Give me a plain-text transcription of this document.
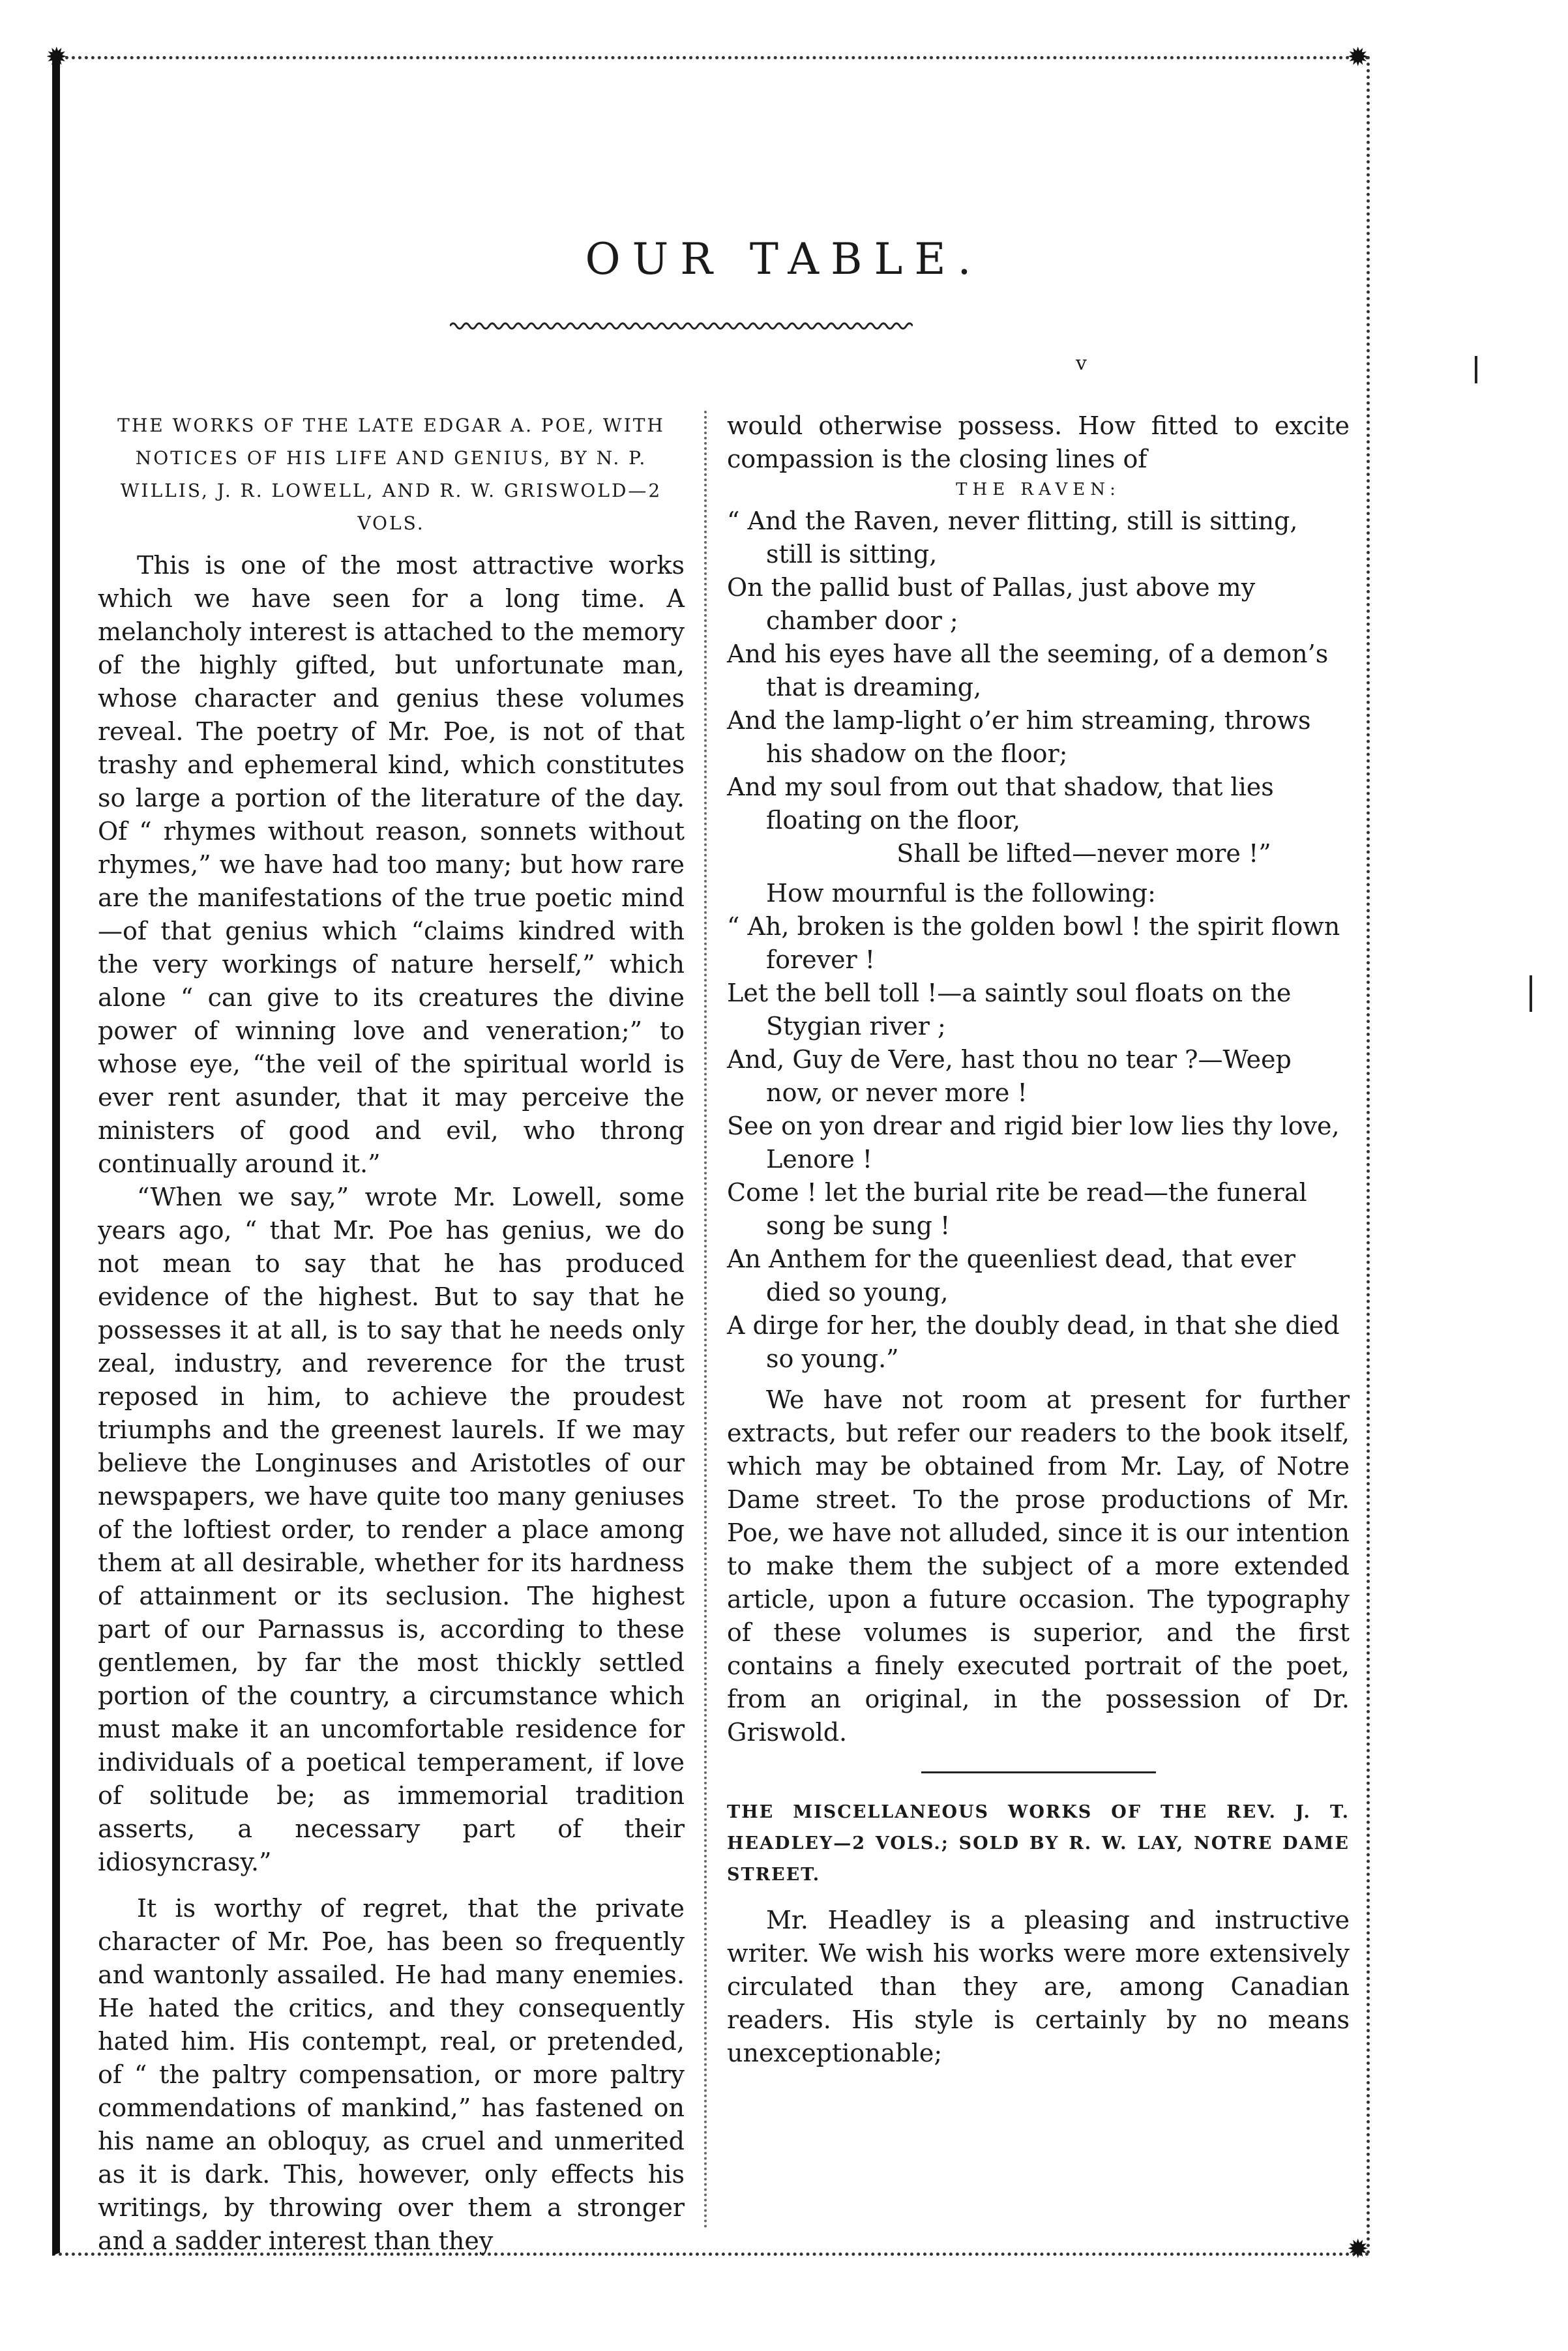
✹	✹
✹
OUR TABLE.
v

THE WORKS OF THE LATE EDGAR A. POE, WITH NOTICES OF HIS LIFE AND GENIUS, BY N. P. WILLIS, J. R. LOWELL, AND R. W. GRISWOLD—2 VOLS.

This is one of the most attractive works which we have seen for a long time. A melancholy interest is attached to the memory of the highly gifted, but unfortunate man, whose character and genius these volumes reveal. The poetry of Mr. Poe, is not of that trashy and ephemeral kind, which constitutes so large a portion of the literature of the day. Of “ rhymes without reason, sonnets without rhymes,” we have had too many; but how rare are the manifestations of the true poetic mind—of that genius which “claims kindred with the very workings of nature herself,” which alone “ can give to its creatures the divine power of winning love and veneration;” to whose eye, “the veil of the spiritual world is ever rent asunder, that it may perceive the ministers of good and evil, who throng continually around it.”

“When we say,” wrote Mr. Lowell, some years ago, “ that Mr. Poe has genius, we do not mean to say that he has produced evidence of the highest. But to say that he possesses it at all, is to say that he needs only zeal, industry, and reverence for the trust reposed in him, to achieve the proudest triumphs and the greenest laurels. If we may believe the Longinuses and Aristotles of our newspapers, we have quite too many geniuses of the loftiest order, to render a place among them at all desirable, whether for its hardness of attainment or its seclusion. The highest part of our Parnassus is, according to these gentlemen, by far the most thickly settled portion of the country, a circumstance which must make it an uncomfortable residence for individuals of a poetical temperament, if love of solitude be; as immemorial tradition asserts, a necessary part of their idiosyncrasy.”

It is worthy of regret, that the private character of Mr. Poe, has been so frequently and wantonly assailed. He had many enemies. He hated the critics, and they consequently hated him. His contempt, real, or pretended, of “ the paltry compensation, or more paltry commendations of mankind,” has fastened on his name an obloquy, as cruel and unmerited as it is dark. This, however, only effects his writings, by throwing over them a stronger and a sadder interest than they

would otherwise possess. How fitted to excite compassion is the closing lines of

THE RAVEN:

“ And the Raven, never flitting, still is sitting, still is sitting,

On the pallid bust of Pallas, just above my chamber door ;

And his eyes have all the seeming, of a demon’s that is dreaming,

And the lamp-light o’er him streaming, throws his shadow on the floor;

And my soul from out that shadow, that lies floating on the floor,

Shall be lifted—never more !”

How mournful is the following:

“ Ah, broken is the golden bowl ! the spirit flown forever !

Let the bell toll !—a saintly soul floats on the Stygian river ;

And, Guy de Vere, hast thou no tear ?—Weep now, or never more !

See on yon drear and rigid bier low lies thy love, Lenore !

Come ! let the burial rite be read—the funeral song be sung !

An Anthem for the queenliest dead, that ever died so young,

A dirge for her, the doubly dead, in that she died so young.”

We have not room at present for further extracts, but refer our readers to the book itself, which may be obtained from Mr. Lay, of Notre Dame street. To the prose productions of Mr. Poe, we have not alluded, since it is our intention to make them the subject of a more extended article, upon a future occasion. The typography of these volumes is superior, and the first contains a finely executed portrait of the poet, from an original, in the possession of Dr. Griswold.

THE MISCELLANEOUS WORKS OF THE REV. J. T. HEADLEY—2 VOLS.; SOLD BY R. W. LAY, NOTRE DAME STREET.

Mr. Headley is a pleasing and instructive writer. We wish his works were more extensively circulated than they are, among Canadian readers. His style is certainly by no means unexceptionable;
